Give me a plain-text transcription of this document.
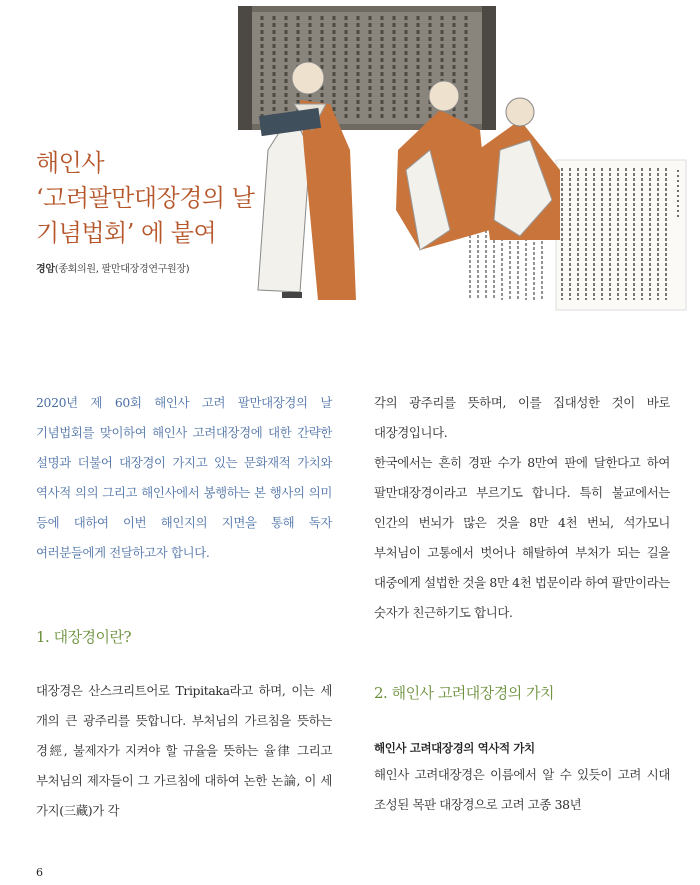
해인사
‘고려팔만대장경의 날
기념법회’ 에 붙여
경암(종회의원, 팔만대장경연구원장)

2020년 제 60회 해인사 고려 팔만대장경의 날 기념법회를 맞이하여 해인사 고려대장경에 대한 간략한 설명과 더불어 대장경이 가지고 있는 문화재적 가치와 역사적 의의 그리고 해인사에서 봉행하는 본 행사의 의미 등에 대하여 이번 해인지의 지면을 통해 독자 여러분들에게 전달하고자 합니다.

1. 대장경이란?

대장경은 산스크리트어로 Tripitaka라고 하며, 이는 세 개의 큰 광주리를 뜻합니다. 부처님의 가르침을 뜻하는 경經, 불제자가 지켜야 할 규율을 뜻하는 율律 그리고 부처님의 제자들이 그 가르침에 대하여 논한 논論, 이 세 가지(三藏)가 각

각의 광주리를 뜻하며, 이를 집대성한 것이 바로 대장경입니다.

한국에서는 흔히 경판 수가 8만여 판에 달한다고 하여 팔만대장경이라고 부르기도 합니다. 특히 불교에서는 인간의 번뇌가 많은 것을 8만 4천 번뇌, 석가모니 부처님이 고통에서 벗어나 해탈하여 부처가 되는 길을 대중에게 설법한 것을 8만 4천 법문이라 하여 팔만이라는 숫자가 친근하기도 합니다.

2. 해인사 고려대장경의 가치
해인사 고려대장경의 역사적 가치

해인사 고려대장경은 이름에서 알 수 있듯이 고려 시대 조성된 목판 대장경으로 고려 고종 38년

6
